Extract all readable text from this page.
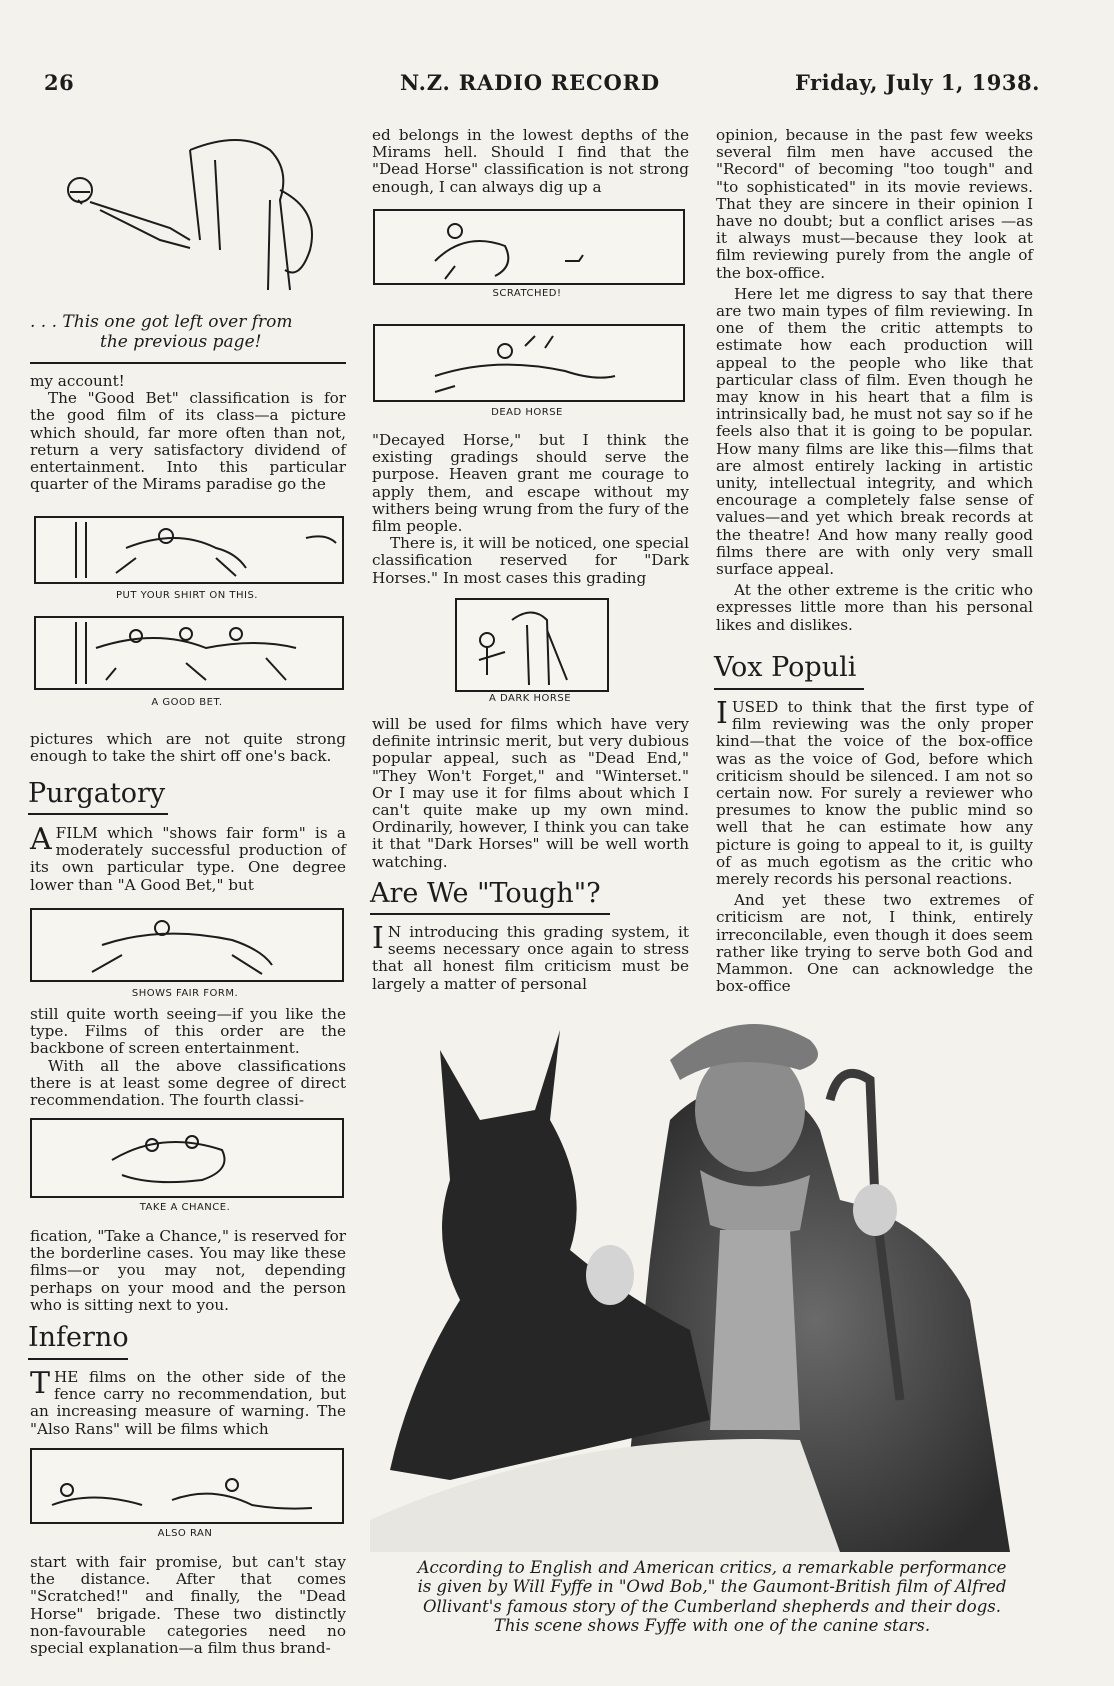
26	N.Z. RADIO RECORD	Friday, July 1, 1938.
. . . This one got left over from
the previous page!

my account!

The "Good Bet" classification is for the good film of its class—a picture which should, far more often than not, return a very satisfactory dividend of entertainment. Into this particular quarter of the Mirams paradise go the

PUT YOUR SHIRT ON THIS.
A GOOD BET.

pictures which are not quite strong enough to take the shirt off one's back.

Purgatory

AFILM which "shows fair form" is a moderately successful production of its own particular type. One degree lower than "A Good Bet," but

SHOWS FAIR FORM.

still quite worth seeing—if you like the type. Films of this order are the backbone of screen entertainment.

With all the above classifications there is at least some degree of direct recommendation. The fourth classi-

TAKE A CHANCE.

fication, "Take a Chance," is reserved for the borderline cases. You may like these films—or you may not, depending perhaps on your mood and the person who is sitting next to you.

Inferno

THE films on the other side of the fence carry no recommendation, but an increasing measure of warning. The "Also Rans" will be films which

ALSO RAN

start with fair promise, but can't stay the distance. After that comes "Scratched!" and finally, the "Dead Horse" brigade. These two distinctly non-favourable categories need no special explanation—a film thus brand-

ed belongs in the lowest depths of the Mirams hell. Should I find that the "Dead Horse" classification is not strong enough, I can always dig up a

SCRATCHED!
DEAD HORSE

"Decayed Horse," but I think the existing gradings should serve the purpose. Heaven grant me courage to apply them, and escape without my withers being wrung from the fury of the film people.

There is, it will be noticed, one special classification reserved for "Dark Horses." In most cases this grading

A DARK HORSE

will be used for films which have very definite intrinsic merit, but very dubious popular appeal, such as "Dead End," "They Won't Forget," and "Winterset." Or I may use it for films about which I can't quite make up my own mind. Ordinarily, however, I think you can take it that "Dark Horses" will be well worth watching.

Are We "Tough"?

I N introducing this grading system, it seems necessary once again to stress that all honest film criticism must be largely a matter of personal

opinion, because in the past few weeks several film men have accused the "Record" of becoming "too tough" and "to sophisticated" in its movie reviews. That they are sincere in their opinion I have no doubt; but a conflict arises —as it always must—because they look at film reviewing purely from the angle of the box-office.

Here let me digress to say that there are two main types of film reviewing. In one of them the critic attempts to estimate how each production will appeal to the people who like that particular class of film. Even though he may know in his heart that a film is intrinsically bad, he must not say so if he feels also that it is going to be popular. How many films are like this—films that are almost entirely lacking in artistic unity, intellectual integrity, and which encourage a completely false sense of values—and yet which break records at the theatre! And how many really good films there are with only very small surface appeal.

At the other extreme is the critic who expresses little more than his personal likes and dislikes.

Vox Populi

IUSED to think that the first type of film reviewing was the only proper kind—that the voice of the box-office was as the voice of God, before which criticism should be silenced. I am not so certain now. For surely a reviewer who presumes to know the public mind so well that he can estimate how any picture is going to appeal to it, is guilty of as much egotism as the critic who merely records his personal reactions.

And yet these two extremes of criticism are not, I think, entirely irreconcilable, even though it does seem rather like trying to serve both God and Mammon. One can acknowledge the box-office

According to English and American critics, a remarkable performance is given by Will Fyffe in "Owd Bob," the Gaumont-British film of Alfred Ollivant's famous story of the Cumberland shepherds and their dogs. This scene shows Fyffe with one of the canine stars.
